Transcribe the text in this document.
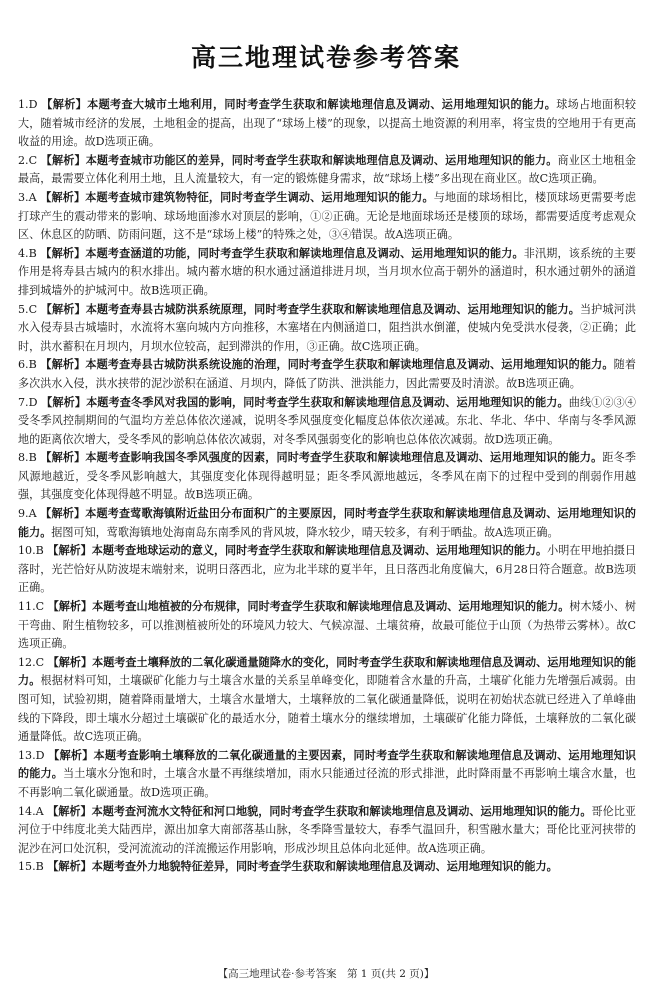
高三地理试卷参考答案

1.D 【解析】本题考查大城市土地利用，同时考查学生获取和解读地理信息及调动、运用地理知识的能力。球场占地面积较大，随着城市经济的发展，土地租金的提高，出现了“球场上楼”的现象，以提高土地资源的利用率，将宝贵的空地用于有更高收益的用途。故D选项正确。

2.C 【解析】本题考查城市功能区的差异，同时考查学生获取和解读地理信息及调动、运用地理知识的能力。商业区土地租金最高，最需要立体化利用土地，且人流量较大，有一定的锻炼健身需求，故“球场上楼”多出现在商业区。故C选项正确。

3.A 【解析】本题考查城市建筑物特征，同时考查学生调动、运用地理知识的能力。与地面的球场相比，楼顶球场更需要考虑打球产生的震动带来的影响、球场地面渗水对顶层的影响，①②正确。无论是地面球场还是楼顶的球场，都需要适度考虑观众区、休息区的防晒、防雨问题，这不是“球场上楼”的特殊之处，③④错误。故A选项正确。

4.B 【解析】本题考查涵道的功能，同时考查学生获取和解读地理信息及调动、运用地理知识的能力。非汛期，该系统的主要作用是将寿县古城内的积水排出。城内蓄水塘的积水通过涵道排进月坝，当月坝水位高于朝外的涵道时，积水通过朝外的涵道排到城墙外的护城河中。故B选项正确。

5.C 【解析】本题考查寿县古城防洪系统原理，同时考查学生获取和解读地理信息及调动、运用地理知识的能力。当护城河洪水入侵寿县古城墙时，水流将木塞向城内方向推移，木塞堵在内侧涵道口，阻挡洪水倒灌，使城内免受洪水侵袭，②正确；此时，洪水蓄积在月坝内，月坝水位较高，起到滞洪的作用，③正确。故C选项正确。

6.B 【解析】本题考查寿县古城防洪系统设施的治理，同时考查学生获取和解读地理信息及调动、运用地理知识的能力。随着多次洪水入侵，洪水挟带的泥沙淤积在涵道、月坝内，降低了防洪、泄洪能力，因此需要及时清淤。故B选项正确。

7.D 【解析】本题考查冬季风对我国的影响，同时考查学生获取和解读地理信息及调动、运用地理知识的能力。曲线①②③④受冬季风控制期间的气温均方差总体依次递减，说明冬季风强度变化幅度总体依次递减。东北、华北、华中、华南与冬季风源地的距离依次增大，受冬季风的影响总体依次减弱，对冬季风强弱变化的影响也总体依次减弱。故D选项正确。

8.B 【解析】本题考查影响我国冬季风强度的因素，同时考查学生获取和解读地理信息及调动、运用地理知识的能力。距冬季风源地越近，受冬季风影响越大，其强度变化体现得越明显；距冬季风源地越远，冬季风在南下的过程中受到的削弱作用越强，其强度变化体现得越不明显。故B选项正确。

9.A 【解析】本题考查莺歌海镇附近盐田分布面积广的主要原因，同时考查学生获取和解读地理信息及调动、运用地理知识的能力。据图可知，莺歌海镇地处海南岛东南季风的背风坡，降水较少，晴天较多，有利于晒盐。故A选项正确。

10.B 【解析】本题考查地球运动的意义，同时考查学生获取和解读地理信息及调动、运用地理知识的能力。小明在甲地拍摄日落时，光芒恰好从防波堤末端射来，说明日落西北，应为北半球的夏半年，且日落西北角度偏大，6月28日符合题意。故B选项正确。

11.C 【解析】本题考查山地植被的分布规律，同时考查学生获取和解读地理信息及调动、运用地理知识的能力。树木矮小、树干弯曲、附生植物较多，可以推测植被所处的环境风力较大、气候凉湿、土壤贫瘠，故最可能位于山顶（为热带云雾林）。故C选项正确。

12.C 【解析】本题考查土壤释放的二氧化碳通量随降水的变化，同时考查学生获取和解读地理信息及调动、运用地理知识的能力。根据材料可知，土壤碳矿化能力与土壤含水量的关系呈单峰变化，即随着含水量的升高，土壤矿化能力先增强后减弱。由图可知，试验初期，随着降雨量增大，土壤含水量增大，土壤释放的二氧化碳通量降低，说明在初始状态就已经进入了单峰曲线的下降段，即土壤水分超过土壤碳矿化的最适水分，随着土壤水分的继续增加，土壤碳矿化能力降低，土壤释放的二氧化碳通量降低。故C选项正确。

13.D 【解析】本题考查影响土壤释放的二氧化碳通量的主要因素，同时考查学生获取和解读地理信息及调动、运用地理知识的能力。当土壤水分饱和时，土壤含水量不再继续增加，雨水只能通过径流的形式排泄，此时降雨量不再影响土壤含水量，也不再影响二氧化碳通量。故D选项正确。

14.A 【解析】本题考查河流水文特征和河口地貌，同时考查学生获取和解读地理信息及调动、运用地理知识的能力。哥伦比亚河位于中纬度北美大陆西岸，源出加拿大南部落基山脉，冬季降雪量较大，春季气温回升，积雪融水量大；哥伦比亚河挟带的泥沙在河口处沉积，受河流流动的洋流搬运作用影响，形成沙坝且总体向北延伸。故A选项正确。

15.B 【解析】本题考查外力地貌特征差异，同时考查学生获取和解读地理信息及调动、运用地理知识的能力。

【高三地理试卷·参考答案　第 1 页(共 2 页)】
